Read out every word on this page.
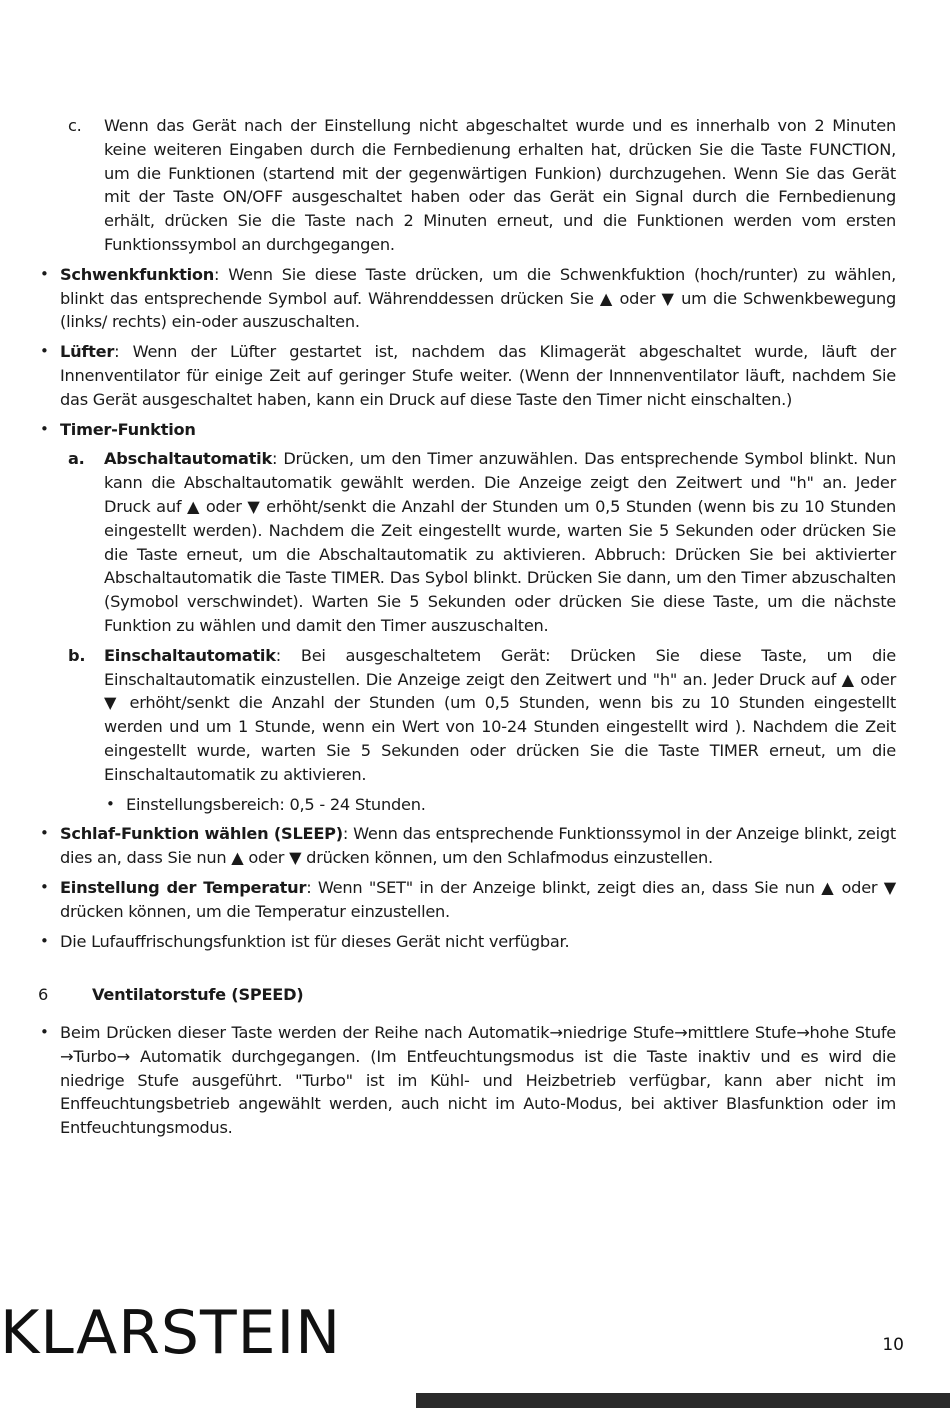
c.	Wenn das Gerät nach der Einstellung nicht abgeschaltet wurde und es innerhalb von 2 Minuten keine weiteren Eingaben durch die Fernbedienung erhalten hat, drücken Sie die Taste FUNCTION, um die Funktionen (startend mit der gegenwärtigen Funkion) durchzugehen. Wenn Sie das Gerät mit der Taste ON/OFF ausgeschaltet haben oder das Gerät ein Signal durch die Fernbedienung erhält, drücken Sie die Taste nach 2 Minuten erneut, und die Funktionen werden vom ersten Funktionssymbol an durchgegangen.
• Schwenkfunktion: Wenn Sie diese Taste drücken, um die Schwenkfuktion (hoch/runter) zu wählen, blinkt das entsprechende Symbol auf. Währenddessen drücken Sie ▲ oder ▼ um die Schwenkbewegung (links/ rechts) ein-oder auszuschalten.
• Lüfter: Wenn der Lüfter gestartet ist, nachdem das Klimagerät abgeschaltet wurde, läuft der Innenventilator für einige Zeit auf geringer Stufe weiter. (Wenn der Innnenventilator läuft, nachdem Sie das Gerät ausgeschaltet haben, kann ein Druck auf diese Taste den Timer nicht einschalten.)
• Timer-Funktion
a.	Abschaltautomatik: Drücken, um den Timer anzuwählen. Das entsprechende Symbol blinkt. Nun kann die Abschaltautomatik gewählt werden. Die Anzeige zeigt den Zeitwert und "h" an. Jeder Druck auf ▲ oder ▼ erhöht/senkt die Anzahl der Stunden um 0,5 Stunden (wenn bis zu 10 Stunden eingestellt werden). Nachdem die Zeit eingestellt wurde, warten Sie 5 Sekunden oder drücken Sie die Taste erneut, um die Abschaltautomatik zu aktivieren. Abbruch: Drücken Sie bei aktivierter Abschaltautomatik die Taste TIMER. Das Sybol blinkt. Drücken Sie dann, um den Timer abzuschalten (Symobol verschwindet). Warten Sie 5 Sekunden oder drücken Sie diese Taste, um die nächste Funktion zu wählen und damit den Timer auszuschalten.
b.	Einschaltautomatik: Bei ausgeschaltetem Gerät: Drücken Sie diese Taste, um die Einschaltautomatik einzustellen. Die Anzeige zeigt den Zeitwert und "h" an. Jeder Druck auf ▲ oder ▼ erhöht/senkt die Anzahl der Stunden (um 0,5 Stunden, wenn bis zu 10 Stunden eingestellt werden und um 1 Stunde, wenn ein Wert von 10-24 Stunden eingestellt wird ). Nachdem die Zeit eingestellt wurde, warten Sie 5 Sekunden oder drücken Sie die Taste TIMER erneut, um die Einschaltautomatik zu aktivieren.
• Einstellungsbereich: 0,5 - 24 Stunden.
• Schlaf-Funktion wählen (SLEEP): Wenn das entsprechende Funktionssymol in der Anzeige blinkt, zeigt dies an, dass Sie nun ▲ oder ▼ drücken können, um den Schlafmodus einzustellen.
• Einstellung der Temperatur: Wenn "SET" in der Anzeige blinkt, zeigt dies an, dass Sie nun ▲ oder ▼ drücken können, um die Temperatur einzustellen.
• Die Lufauffrischungsfunktion ist für dieses Gerät nicht verfügbar.
6	Ventilatorstufe (SPEED)
• Beim Drücken dieser Taste werden der Reihe nach Automatik→niedrige Stufe→mittlere Stufe→hohe Stufe →Turbo→ Automatik durchgegangen. (Im Entfeuchtungsmodus ist die Taste inaktiv und es wird die niedrige Stufe ausgeführt. "Turbo" ist im Kühl- und Heizbetrieb verfügbar, kann aber nicht im Enffeuchtungsbetrieb angewählt werden, auch nicht im Auto-Modus, bei aktiver Blasfunktion oder im Entfeuchtungsmodus.
KLARSTEIN	10
